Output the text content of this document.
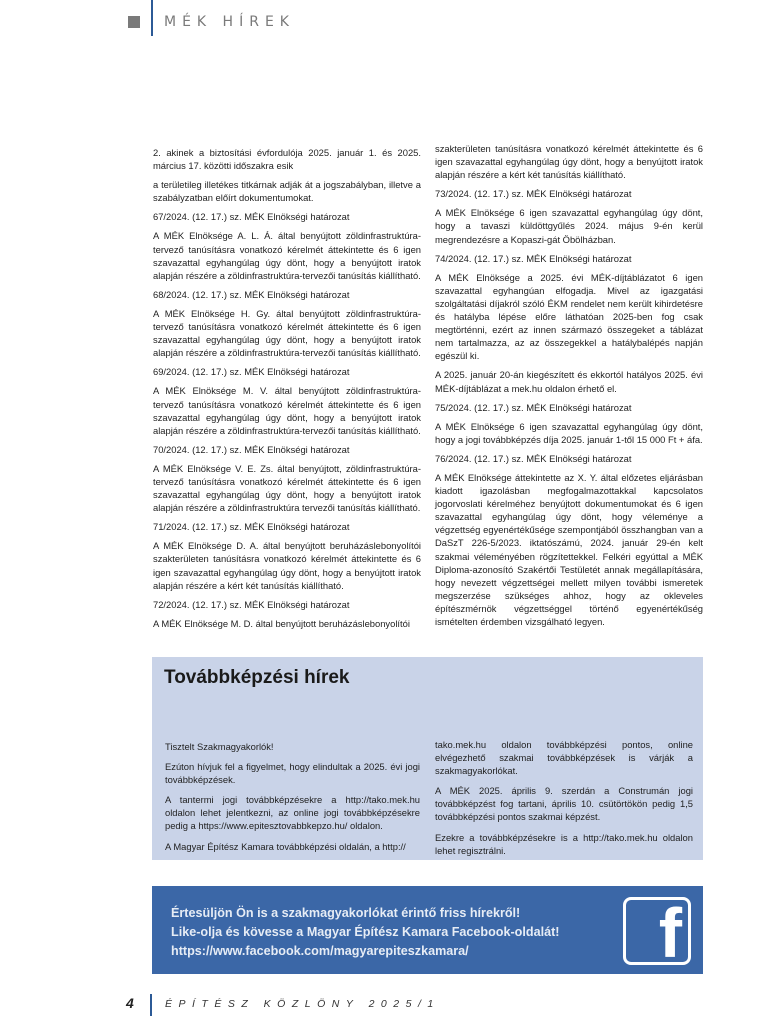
MÉK HÍREK

2. akinek a biztosítási évfordulója 2025. január 1. és 2025. március 17. közötti időszakra esik

a területileg illetékes titkárnak adják át a jogszabályban, illetve a szabályzatban előírt dokumentumokat.

67/2024. (12. 17.) sz. MÉK Elnökségi határozat

A MÉK Elnöksége A. L. Á. által benyújtott zöldinfrastruktúra-tervező tanúsításra vonatkozó kérelmét áttekintette és 6 igen szavazattal egyhangúlag úgy dönt, hogy a benyújtott iratok alapján részére a zöldinfrastruktúra-tervezői tanúsítás kiállítható.

68/2024. (12. 17.) sz. MÉK Elnökségi határozat

A MÉK Elnöksége H. Gy. által benyújtott zöldinfrastruktúra-tervező tanúsításra vonatkozó kérelmét áttekintette és 6 igen szavazattal egyhangúlag úgy dönt, hogy a benyújtott iratok alapján részére a zöldinfrastruktúra-tervezői tanúsítás kiállítható.

69/2024. (12. 17.) sz. MÉK Elnökségi határozat

A MÉK Elnöksége M. V. által benyújtott zöldinfrastruktúra-tervező tanúsításra vonatkozó kérelmét áttekintette és 6 igen szavazattal egyhangúlag úgy dönt, hogy a benyújtott iratok alapján részére a zöldinfrastruktúra-tervezői tanúsítás kiállítható.

70/2024. (12. 17.) sz. MÉK Elnökségi határozat

A MÉK Elnöksége V. E. Zs. által benyújtott, zöldinfrastruktúra-tervező tanúsításra vonatkozó kérelmét áttekintette és 6 igen szavazattal egyhangúlag úgy dönt, hogy a benyújtott iratok alapján részére a zöldinfrastruktúra tervezői tanúsítás kiállítható.

71/2024. (12. 17.) sz. MÉK Elnökségi határozat

A MÉK Elnöksége D. A. által benyújtott beruházáslebonyolítói szakterületen tanúsításra vonatkozó kérelmét áttekintette és 6 igen szavazattal egyhangúlag úgy dönt, hogy a benyújtott iratok alapján részére a kért két tanúsítás kiállítható.

72/2024. (12. 17.) sz. MÉK Elnökségi határozat

A MÉK Elnöksége M. D. által benyújtott beruházáslebonyolítói

szakterületen tanúsításra vonatkozó kérelmét áttekintette és 6 igen szavazattal egyhangúlag úgy dönt, hogy a benyújtott iratok alapján részére a kért két tanúsítás kiállítható.

73/2024. (12. 17.) sz. MÉK Elnökségi határozat

A MÉK Elnöksége 6 igen szavazattal egyhangúlag úgy dönt, hogy a tavaszi küldöttgyűlés 2024. május 9-én kerül megrendezésre a Kopaszi-gát Öbölházban.

74/2024. (12. 17.) sz. MÉK Elnökségi határozat

A MÉK Elnöksége a 2025. évi MÉK-díjtáblázatot 6 igen szavazattal egyhangúan elfogadja. Mivel az igazgatási szolgáltatási díjakról szóló ÉKM rendelet nem került kihirdetésre és hatályba lépése előre láthatóan 2025-ben fog csak megtörténni, ezért az innen származó összegeket a táblázat nem tartalmazza, az az összegekkel a hatálybalépés napján egészül ki.

A 2025. január 20-án kiegészített és ekkortól hatályos 2025. évi MÉK-díjtáblázat a mek.hu oldalon érhető el.

75/2024. (12. 17.) sz. MÉK Elnökségi határozat

A MÉK Elnöksége 6 igen szavazattal egyhangúlag úgy dönt, hogy a jogi továbbképzés díja 2025. január 1-től 15 000 Ft + áfa.

76/2024. (12. 17.) sz. MÉK Elnökségi határozat

A MÉK Elnöksége áttekintette az X. Y. által előzetes eljárásban kiadott igazolásban megfogalmazottakkal kapcsolatos jogorvoslati kérelméhez benyújtott dokumentumokat és 6 igen szavazattal egyhangúlag úgy dönt, hogy véleménye a végzettség egyenértékűsége szempontjából összhangban van a DaSzT 226-5/2023. iktatószámú, 2024. január 29-én kelt szakmai véleményében rögzítettekkel. Felkéri egyúttal a MÉK Diploma-azonosító Szakértői Testületét annak megállapítására, hogy nevezett végzettségei mellett milyen további ismeretek megszerzése szükséges ahhoz, hogy az okleveles építészmérnök végzettséggel történő egyenértékűség ismételten érdemben vizsgálható legyen.

Továbbképzési hírek

Tisztelt Szakmagyakorlók!

Ezúton hívjuk fel a figyelmet, hogy elindultak a 2025. évi jogi továbbképzések.

A tantermi jogi továbbképzésekre a http://tako.mek.hu oldalon lehet jelentkezni, az online jogi továbbképzésekre pedig a https://www.epitesztovabbkepzo.hu/ oldalon.

A Magyar Építész Kamara továbbképzési oldalán, a http://

tako.mek.hu oldalon továbbképzési pontos, online elvégezhető szakmai továbbképzések is várják a szakmagyakorlókat.

A MÉK 2025. április 9. szerdán a Construmán jogi továbbképzést fog tartani, április 10. csütörtökön pedig 1,5 továbbképzési pontos szakmai képzést.

Ezekre a továbbképzésekre is a http://tako.mek.hu oldalon lehet regisztrálni.

Értesüljön Ön is a szakmagyakorlókat érintő friss hírekről!
Like-olja és kövesse a Magyar Építész Kamara Facebook-oldalát!
https://www.facebook.com/magyarepiteszkamara/	f
4	ÉPÍTÉSZ KÖZLÖNY 2025/1
